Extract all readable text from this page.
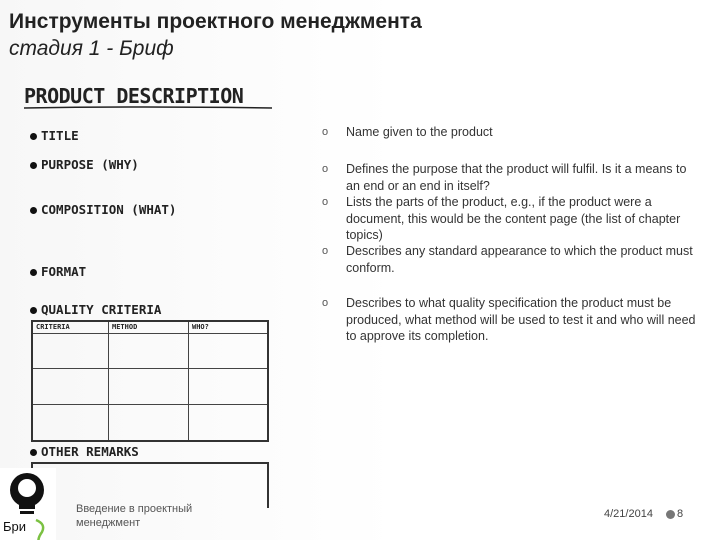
Инструменты проектного менеджмента
стадия 1 - Бриф
PRODUCT DESCRIPTION
TITLE
PURPOSE (WHY)
COMPOSITION (WHAT)
FORMAT
QUALITY CRITERIA
CRITERIA	METHOD	WHO?
OTHER REMARKS
o	Name given to the product
o	Defines the purpose that the product will fulfil. Is it a means to an end or an end in itself?
o	Lists the parts of the product, e.g., if the product were a document, this would be the content page (the list of chapter topics)
o	Describes any standard appearance to which the product must conform.
o	Describes to what quality specification the product must be produced, what method will be used to test it and who will need to approve its completion.
Бри
Введение в проектный
менеджмент
4/21/2014 8
